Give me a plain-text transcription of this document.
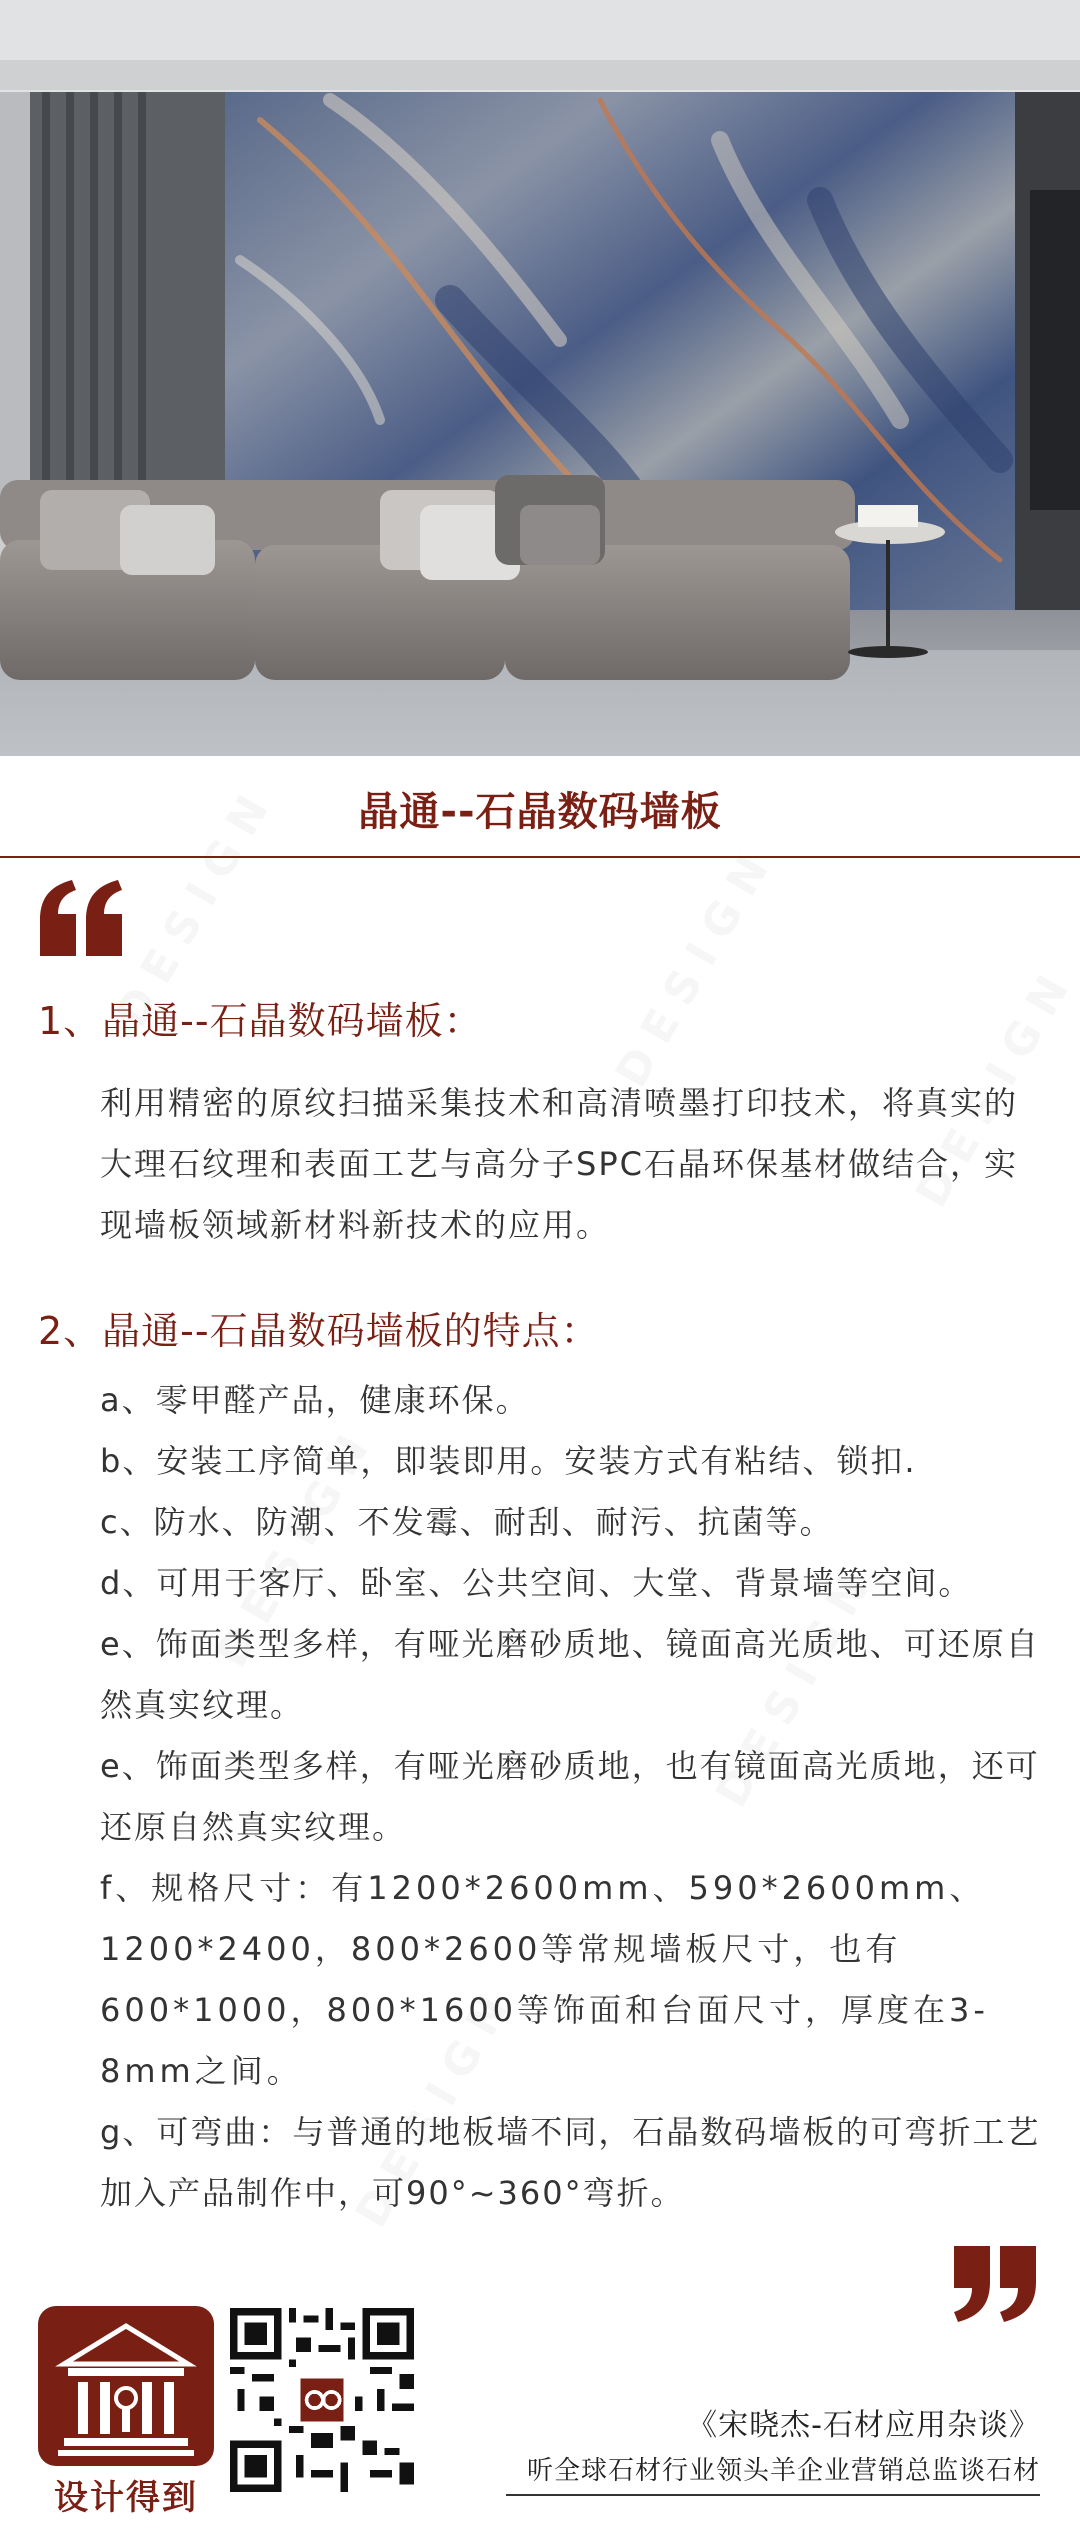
晶通--石晶数码墙板
1、晶通--石晶数码墙板：

利用精密的原纹扫描采集技术和高清喷墨打印技术，将真实的大理石纹理和表面工艺与高分子SPC石晶环保基材做结合，实现墙板领域新材料新技术的应用。

2、晶通--石晶数码墙板的特点：
a、零甲醛产品，健康环保。
b、安装工序简单，即装即用。安装方式有粘结、锁扣.
c、防水、防潮、不发霉、耐刮、耐污、抗菌等。
d、可用于客厅、卧室、公共空间、大堂、背景墙等空间。
e、饰面类型多样，有哑光磨砂质地、镜面高光质地、可还原自然真实纹理。
e、饰面类型多样，有哑光磨砂质地，也有镜面高光质地，还可还原自然真实纹理。
f、规格尺寸：有1200*2600mm、590*2600mm、1200*2400，800*2600等常规墙板尺寸，也有600*1000，800*1600等饰面和台面尺寸，厚度在3-8mm之间。
g、可弯曲：与普通的地板墙不同，石晶数码墙板的可弯折工艺加入产品制作中，可90°~360°弯折。
设计得到
《宋晓杰-石材应用杂谈》
听全球石材行业领头羊企业营销总监谈石材
